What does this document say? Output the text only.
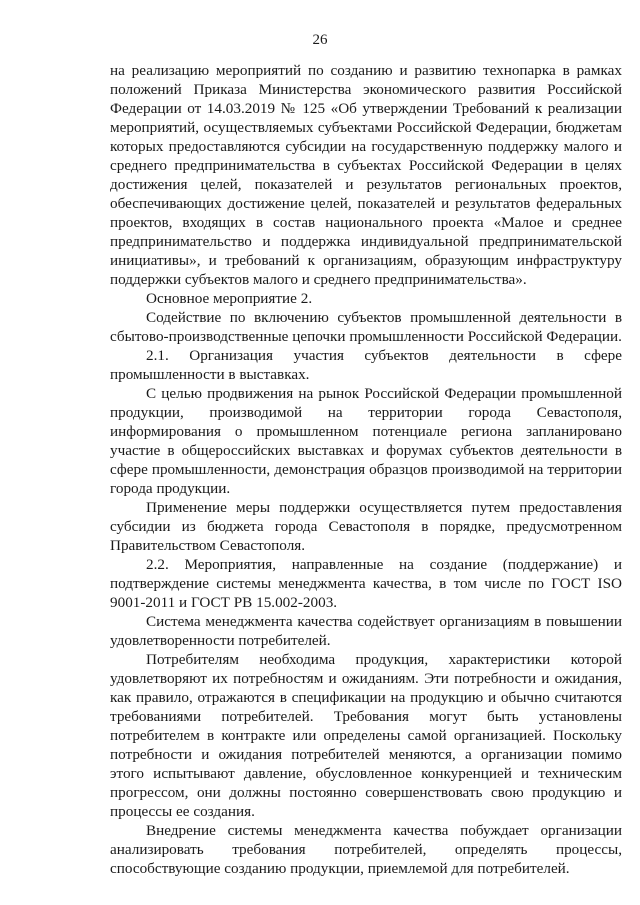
26

на реализацию мероприятий по созданию и развитию технопарка в рамках положений Приказа Министерства экономического развития Российской Федерации от 14.03.2019 № 125 «Об утверждении Требований к реализации мероприятий, осуществляемых субъектами Российской Федерации, бюджетам которых предоставляются субсидии на государственную поддержку малого и среднего предпринимательства в субъектах Российской Федерации в целях достижения целей, показателей и результатов региональных проектов, обеспечивающих достижение целей, показателей и результатов федеральных проектов, входящих в состав национального проекта «Малое и среднее предпринимательство и поддержка индивидуальной предпринимательской инициативы», и требований к организациям, образующим инфраструктуру поддержки субъектов малого и среднего предпринимательства».

Основное мероприятие 2.

Содействие по включению субъектов промышленной деятельности в сбытово-производственные цепочки промышленности Российской Федерации.

2.1. Организация участия субъектов деятельности в сфере промышленности в выставках.

С целью продвижения на рынок Российской Федерации промышленной продукции, производимой на территории города Севастополя, информирования о промышленном потенциале региона запланировано участие в общероссийских выставках и форумах субъектов деятельности в сфере промышленности, демонстрация образцов производимой на территории города продукции.

Применение меры поддержки осуществляется путем предоставления субсидии из бюджета города Севастополя в порядке, предусмотренном Правительством Севастополя.

2.2. Мероприятия, направленные на создание (поддержание) и подтверждение системы менеджмента качества, в том числе по ГОСТ ISO 9001-2011 и ГОСТ РВ 15.002-2003.

Система менеджмента качества содействует организациям в повышении удовлетворенности потребителей.

Потребителям необходима продукция, характеристики которой удовлетворяют их потребностям и ожиданиям. Эти потребности и ожидания, как правило, отражаются в спецификации на продукцию и обычно считаются требованиями потребителей. Требования могут быть установлены потребителем в контракте или определены самой организацией. Поскольку потребности и ожидания потребителей меняются, а организации помимо этого испытывают давление, обусловленное конкуренцией и техническим прогрессом, они должны постоянно совершенствовать свою продукцию и процессы ее создания.

Внедрение системы менеджмента качества побуждает организации анализировать требования потребителей, определять процессы, способствующие созданию продукции, приемлемой для потребителей.
